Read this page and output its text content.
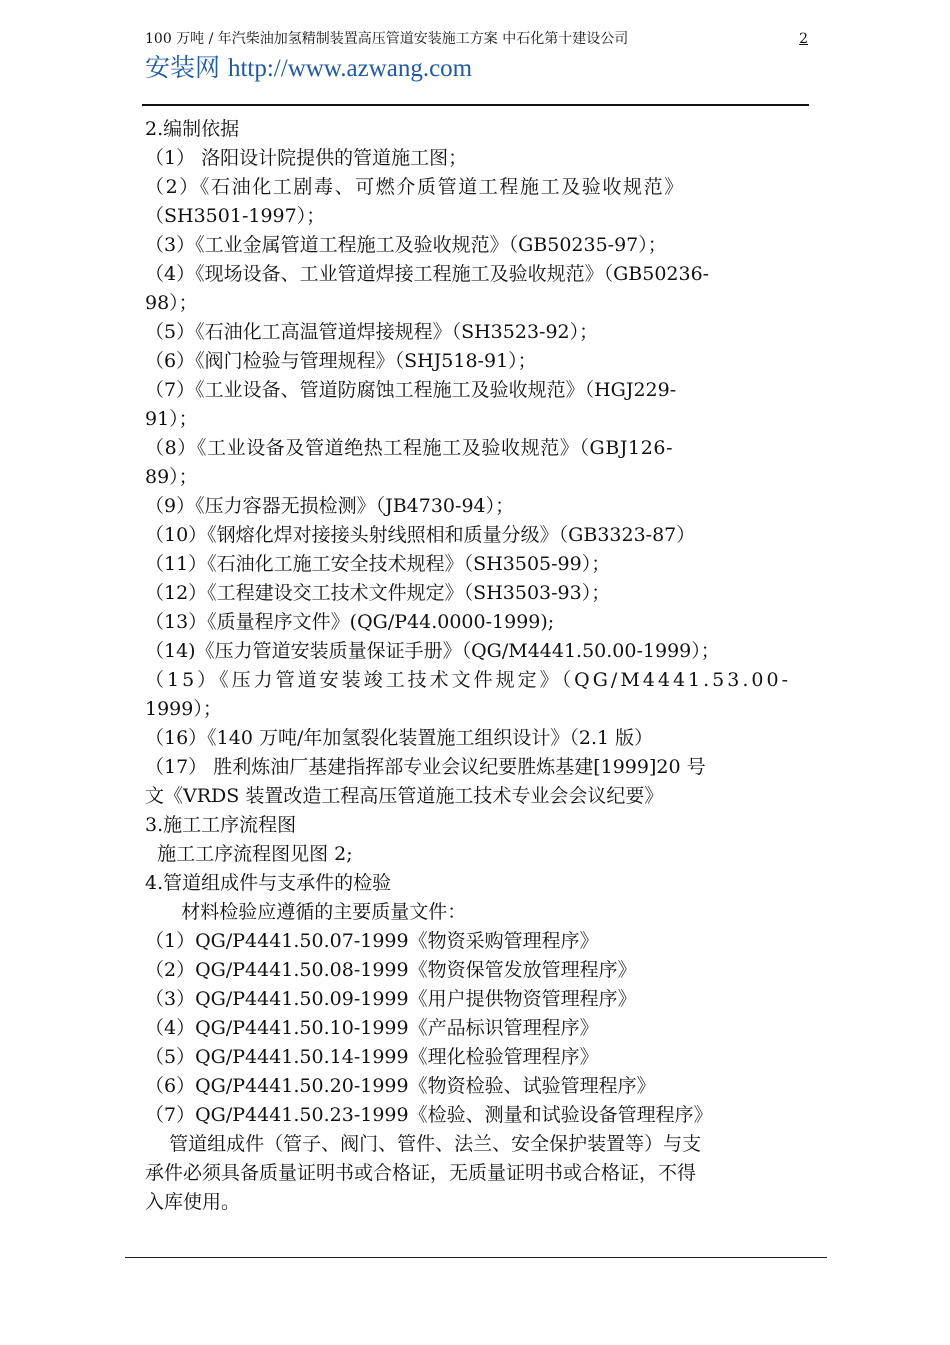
100 万吨 / 年汽柴油加氢精制装置高压管道安装施工方案 中石化第十建设公司	2
安装网 http://www.azwang.com
2.编制依据
（1） 洛阳设计院提供的管道施工图；
（2）《石油化工剧毒、可燃介质管道工程施工及验收规范》
（SH3501-1997）；
（3）《工业金属管道工程施工及验收规范》（GB50235-97）；
（4）《现场设备、工业管道焊接工程施工及验收规范》（GB50236-
98）；
（5）《石油化工高温管道焊接规程》（SH3523-92）；
（6）《阀门检验与管理规程》（SHJ518-91）；
（7）《工业设备、管道防腐蚀工程施工及验收规范》（HGJ229-
91）；
（8）《工业设备及管道绝热工程施工及验收规范》（GBJ126-
89）；
（9）《压力容器无损检测》（JB4730-94）；
（10）《钢熔化焊对接接头射线照相和质量分级》（GB3323-87）
（11）《石油化工施工安全技术规程》（SH3505-99）；
（12）《工程建设交工技术文件规定》（SH3503-93）；
（13）《质量程序文件》(QG/P44.0000-1999);
（14)《压力管道安装质量保证手册》（QG/M4441.50.00-1999）；
（15）《压力管道安装竣工技术文件规定》（QG/M4441.53.00-
1999）；
（16）《140 万吨/年加氢裂化装置施工组织设计》（2.1 版）
（17） 胜利炼油厂基建指挥部专业会议纪要胜炼基建[1999]20 号
文《VRDS 装置改造工程高压管道施工技术专业会会议纪要》
3.施工工序流程图
施工工序流程图见图 2;
4.管道组成件与支承件的检验
材料检验应遵循的主要质量文件：
（1）QG/P4441.50.07-1999《物资采购管理程序》
（2）QG/P4441.50.08-1999《物资保管发放管理程序》
（3）QG/P4441.50.09-1999《用户提供物资管理程序》
（4）QG/P4441.50.10-1999《产品标识管理程序》
（5）QG/P4441.50.14-1999《理化检验管理程序》
（6）QG/P4441.50.20-1999《物资检验、试验管理程序》
（7）QG/P4441.50.23-1999《检验、测量和试验设备管理程序》
管道组成件（管子、阀门、管件、法兰、安全保护装置等）与支
承件必须具备质量证明书或合格证，无质量证明书或合格证，不得
入库使用。
